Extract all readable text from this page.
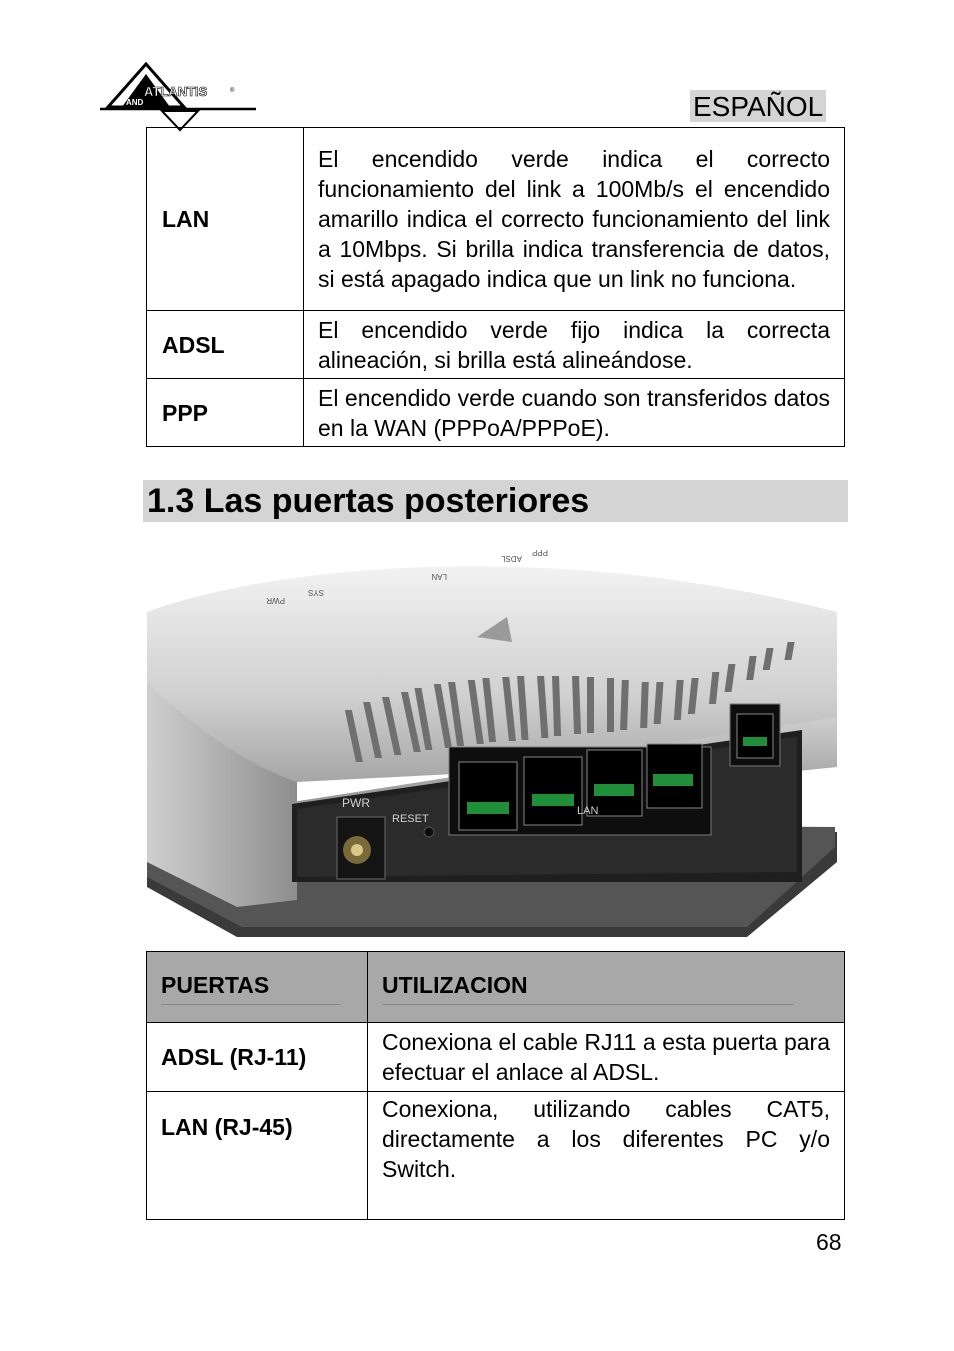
ATLANTIS
AND
®	ESPAÑOL
LAN	El encendido verde indica el correcto funcionamiento del link a 100Mb/s el encendido amarillo indica el correcto funcionamiento del link a 10Mbps. Si brilla indica transferencia de datos, si está apagado indica que un link no funciona.
ADSL	El encendido verde fijo indica la correcta alineación, si brilla está alineándose.
PPP	El encendido verde cuando son transferidos datos en la WAN (PPPoA/PPPoE).
1.3 Las puertas posteriores
PWR
SYS
LAN
ADSL
PPP
PWR
RESET
LAN
ADSL
PUERTAS	UTILIZACION
ADSL (RJ-11)	Conexiona el cable RJ11 a esta puerta para efectuar el anlace al ADSL.
LAN (RJ-45)	Conexiona, utilizando cables CAT5, directamente a los diferentes PC y/o Switch.
68
